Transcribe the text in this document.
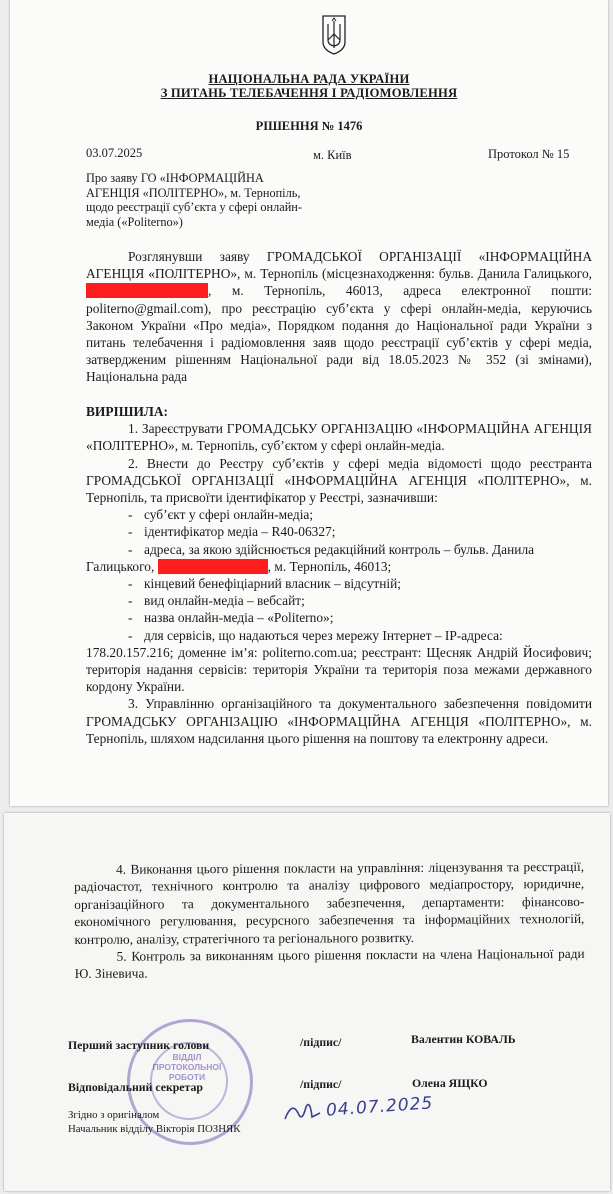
НАЦІОНАЛЬНА РАДА УКРАЇНИ
З ПИТАНЬ ТЕЛЕБАЧЕННЯ І РАДІОМОВЛЕННЯ
РІШЕННЯ № 1476
03.07.2025	м. Київ	Протокол № 15
Про заяву ГО «ІНФОРМАЦІЙНА
АГЕНЦІЯ «ПОЛІТЕРНО», м. Тернопіль,
щодо реєстрації суб’єкта у сфері онлайн-
медіа («Politerno»)

Розглянувши заяву ГРОМАДСЬКОЇ ОРГАНІЗАЦІЇ «ІНФОРМАЦІЙНА АГЕНЦІЯ «ПОЛІТЕРНО», м. Тернопіль (місцезнаходження: бульв. Данила Галицького, , м. Тернопіль, 46013, адреса електронної пошти: politerno@gmail.com), про реєстрацію суб’єкта у сфері онлайн-медіа, керуючись Законом України «Про медіа», Порядком подання до Національної ради України з питань телебачення і радіомовлення заяв щодо реєстрації суб’єктів у сфері медіа, затвердженим рішенням Національної ради від 18.05.2023 № 352 (зі змінами), Національна рада

ВИРІШИЛА:

1. Зареєструвати ГРОМАДСЬКУ ОРГАНІЗАЦІЮ «ІНФОРМАЦІЙНА АГЕНЦІЯ «ПОЛІТЕРНО», м. Тернопіль, суб’єктом у сфері онлайн-медіа.

2. Внести до Реєстру суб’єктів у сфері медіа відомості щодо реєстранта ГРОМАДСЬКОЇ ОРГАНІЗАЦІЇ «ІНФОРМАЦІЙНА АГЕНЦІЯ «ПОЛІТЕРНО», м. Тернопіль, та присвоїти ідентифікатор у Реєстрі, зазначивши:

- суб’єкт у сфері онлайн-медіа;

- ідентифікатор медіа – R40-06327;

- адреса, за якою здійснюється редакційний контроль – бульв. Данила

Галицького,	, м. Тернопіль, 46013;

- кінцевий бенефіціарний власник – відсутній;

- вид онлайн-медіа – вебсайт;

- назва онлайн-медіа – «Politerno»;

- для сервісів, що надаються через мережу Інтернет – IP-адреса:

178.20.157.216; доменне ім’я: politerno.com.ua; реєстрант: Щесняк Андрій Йосифович; територія надання сервісів: територія України та територія поза межами державного кордону України.

3. Управлінню організаційного та документального забезпечення повідомити ГРОМАДСЬКУ ОРГАНІЗАЦІЮ «ІНФОРМАЦІЙНА АГЕНЦІЯ «ПОЛІТЕРНО», м. Тернопіль, шляхом надсилання цього рішення на поштову та електронну адреси.

4. Виконання цього рішення покласти на управління: ліцензування та реєстрації, радіочастот, технічного контролю та аналізу цифрового медіапростору, юридичне, організаційного та документального забезпечення, департаменти: фінансово-економічного регулювання, ресурсного забезпечення та інформаційних технологій, контролю, аналізу, стратегічного та регіонального розвитку.

5. Контроль за виконанням цього рішення покласти на члена Національної ради Ю. Зіневича.

ВІДДІЛ
ПРОТОКОЛЬНОЇ
РОБОТИ
Перший заступник голови	/підпис/	Валентин КОВАЛЬ
Відповідальний секретар	/підпис/	Олена ЯЩКО
Згідно з оригіналом
Начальник відділу Вікторія ПОЗНЯК
04.07.2025
